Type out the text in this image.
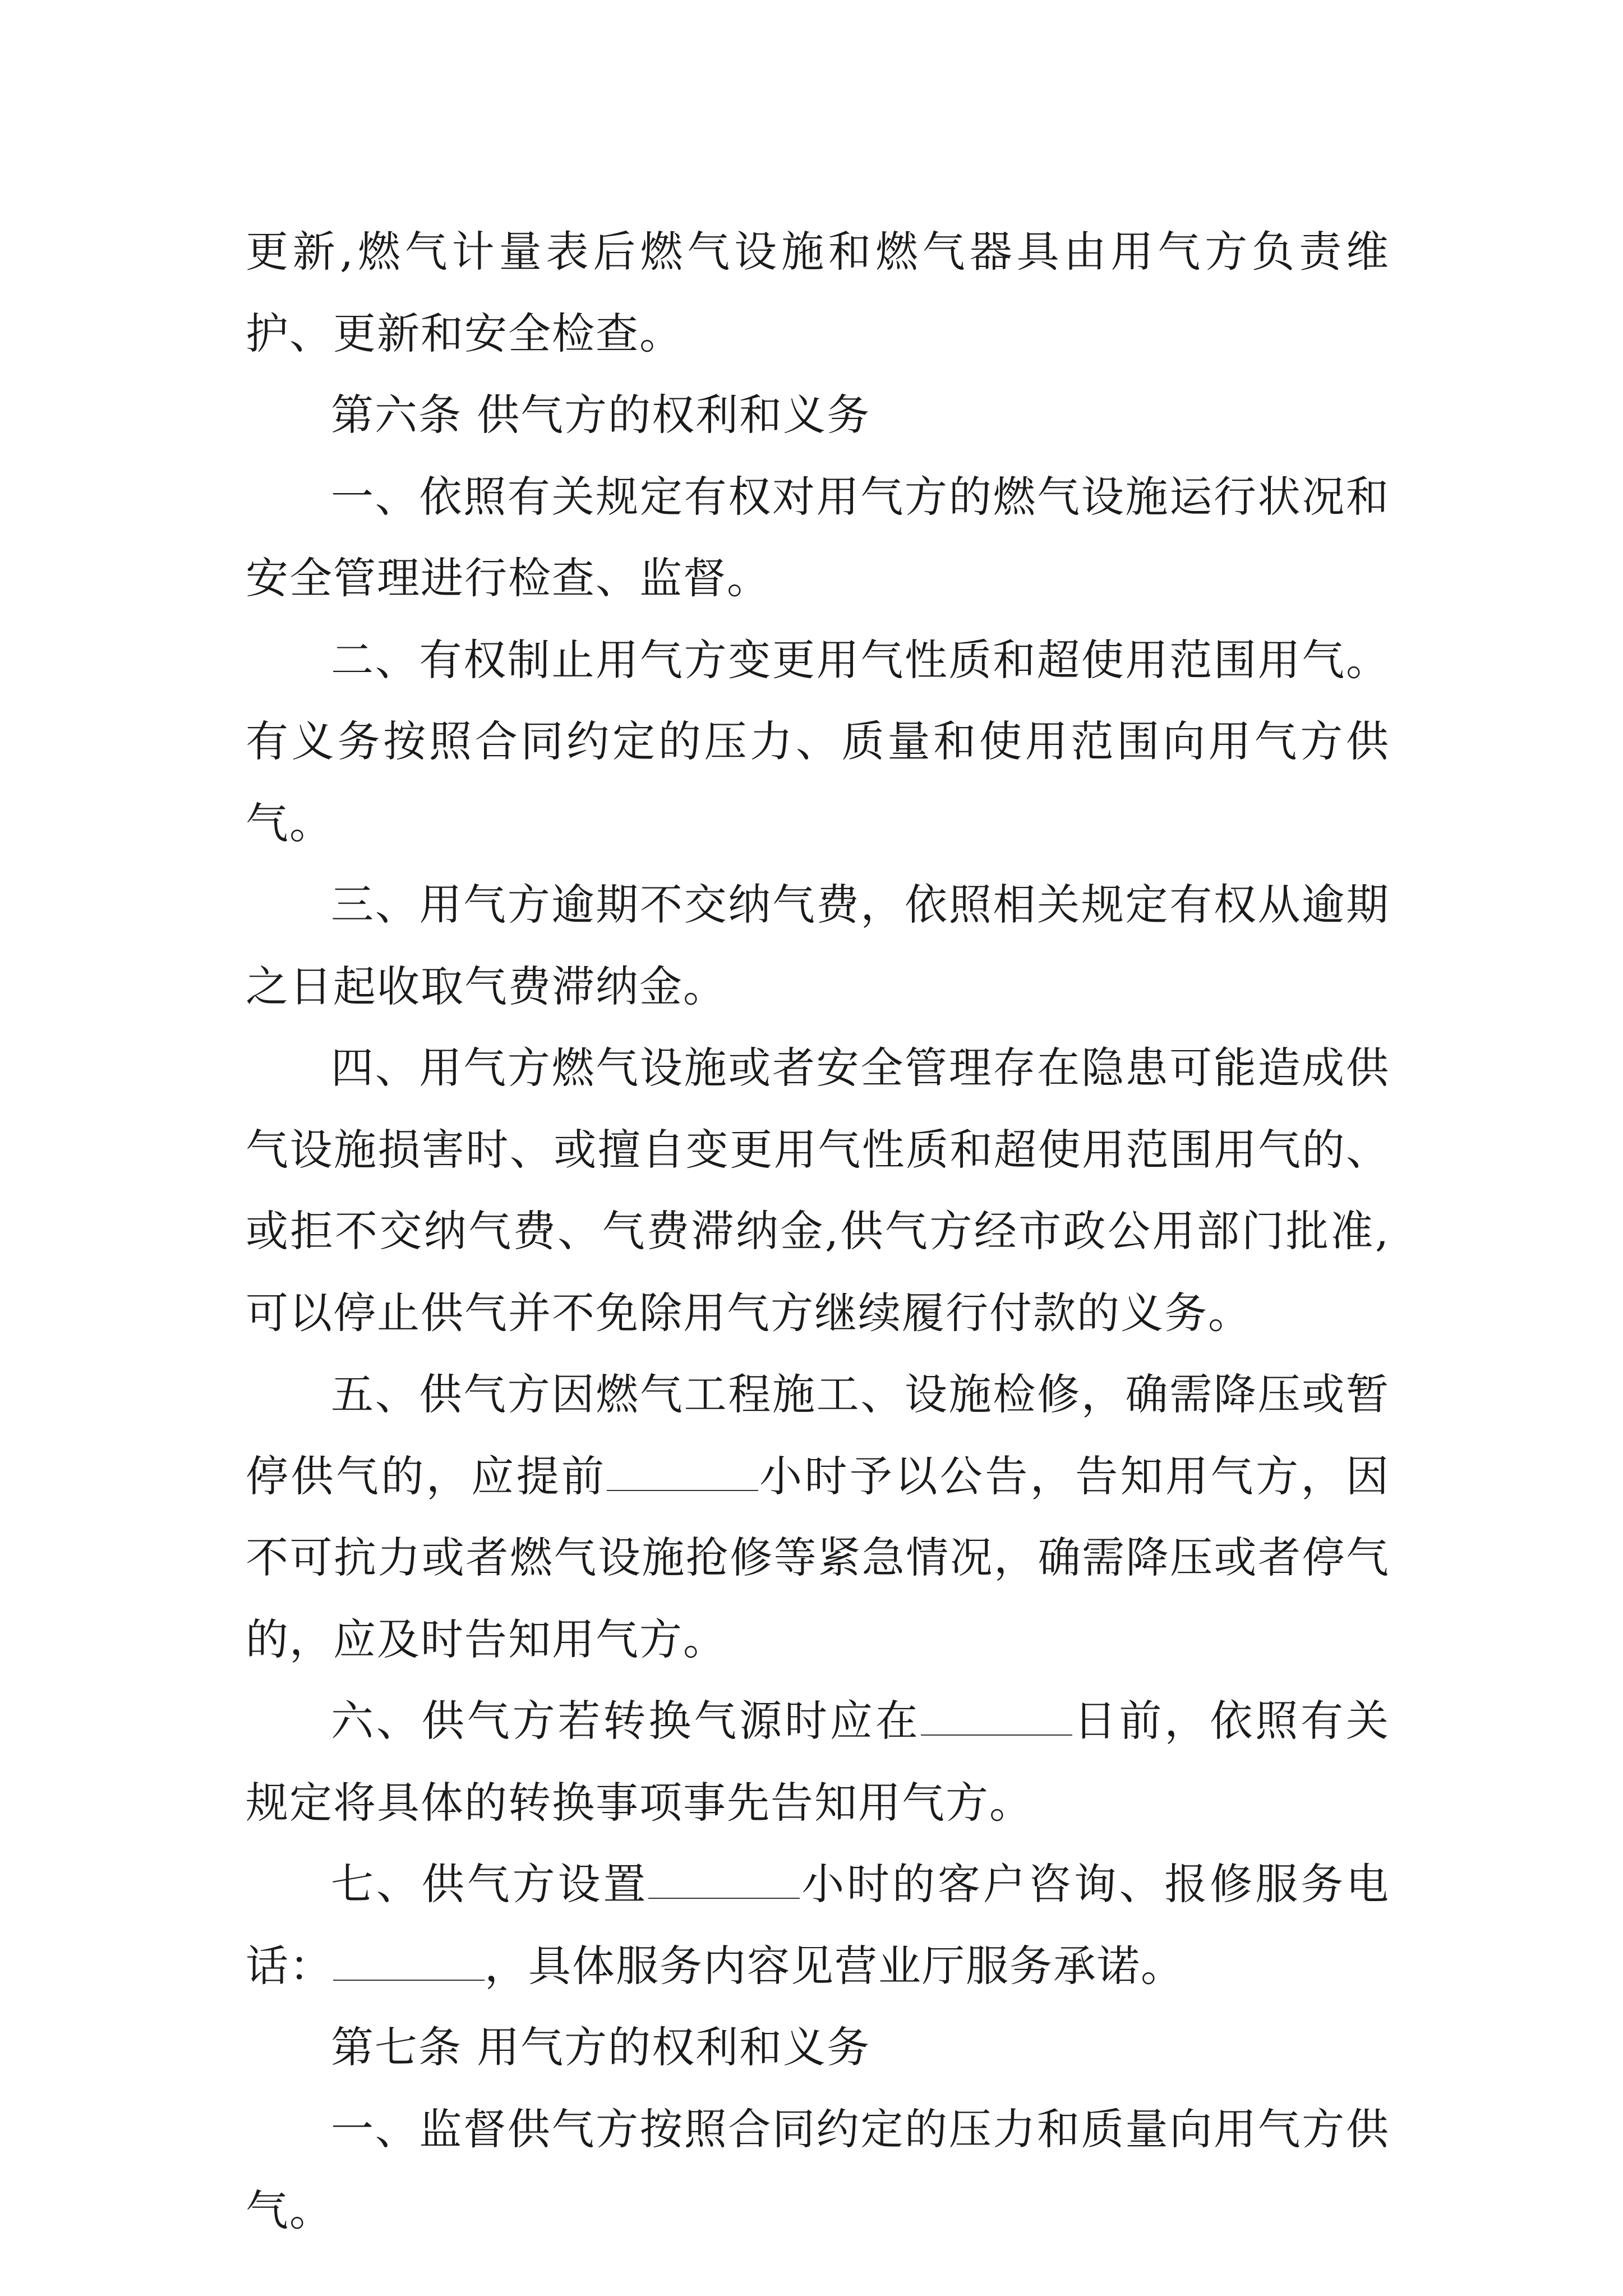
更新,燃气计量表后燃气设施和燃气器具由用气方负责维护、更新和安全检查。

第六条 供气方的权利和义务

一、依照有关规定有权对用气方的燃气设施运行状况和安全管理进行检查、监督。

二、有权制止用气方变更用气性质和超使用范围用气。有义务按照合同约定的压力、质量和使用范围向用气方供气。

三、用气方逾期不交纳气费，依照相关规定有权从逾期之日起收取气费滞纳金。

四、用气方燃气设施或者安全管理存在隐患可能造成供气设施损害时、或擅自变更用气性质和超使用范围用气的、或拒不交纳气费、气费滞纳金,供气方经市政公用部门批准,可以停止供气并不免除用气方继续履行付款的义务。

五、供气方因燃气工程施工、设施检修，确需降压或暂停供气的，应提前	小时予以公告，告知用气方，因不可抗力或者燃气设施抢修等紧急情况，确需降压或者停气的，应及时告知用气方。

六、供气方若转换气源时应在	日前，依照有关规定将具体的转换事项事先告知用气方。

七、供气方设置	小时的客户咨询、报修服务电话：	，具体服务内容见营业厅服务承诺。

第七条 用气方的权利和义务

一、监督供气方按照合同约定的压力和质量向用气方供气。
